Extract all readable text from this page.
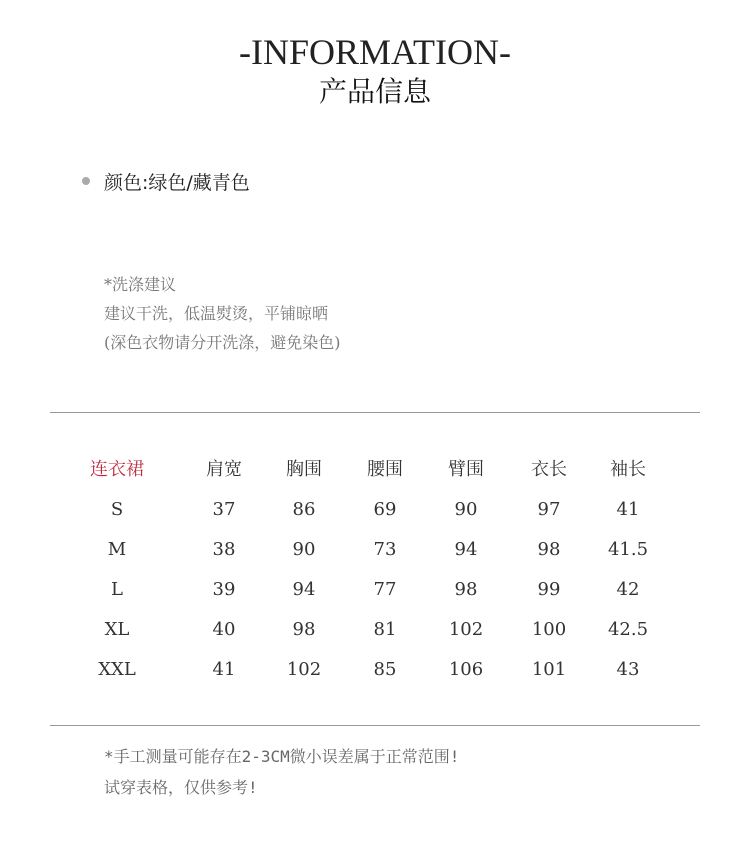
-INFORMATION-
产品信息
颜色:绿色/藏青色
*洗涤建议
建议干洗，低温熨烫，平铺晾晒
(深色衣物请分开洗涤，避免染色)
连衣裙	肩宽	胸围	腰围	臂围	衣长	袖长
S	37	86	69	90	97	41
M	38	90	73	94	98	41.5
L	39	94	77	98	99	42
XL	40	98	81	102	100	42.5
XXL	41	102	85	106	101	43
*手工测量可能存在2-3CM微小误差属于正常范围!
试穿表格，仅供参考!
